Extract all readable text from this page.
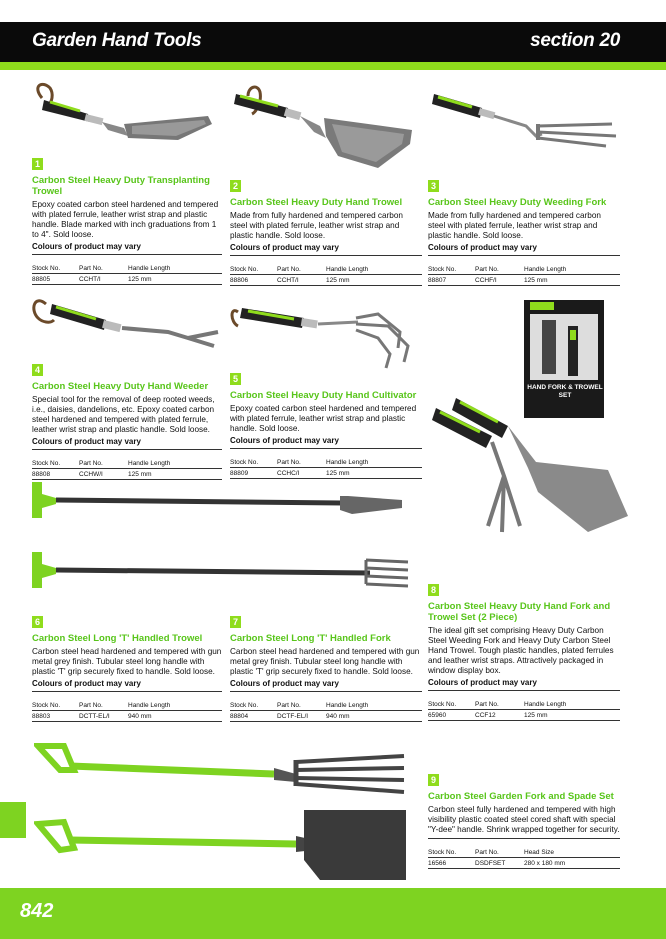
Garden Hand Tools	section 20
1
Carbon Steel Heavy Duty Transplanting Trowel
Epoxy coated carbon steel hardened and tempered with plated ferrule, leather wrist strap and plastic handle. Blade marked with inch graduations from 1 to 4". Sold loose.
Colours of product may vary
Stock No.	Part No.	Handle Length
88805	CCHT/I	125 mm
2
Carbon Steel Heavy Duty Hand Trowel
Made from fully hardened and tempered carbon steel with plated ferrule, leather wrist strap and plastic handle. Sold loose.
Colours of product may vary
Stock No.	Part No.	Handle Length
88806	CCHT/I	125 mm
3
Carbon Steel Heavy Duty Weeding Fork
Made from fully hardened and tempered carbon steel with plated ferrule, leather wrist strap and plastic handle. Sold loose.
Colours of product may vary
Stock No.	Part No.	Handle Length
88807	CCHF/I	125 mm
4
Carbon Steel Heavy Duty Hand Weeder
Special tool for the removal of deep rooted weeds, i.e., daisies, dandelions, etc. Epoxy coated carbon steel hardened and tempered with plated ferrule, leather wrist strap and plastic handle. Sold loose.
Colours of product may vary
Stock No.	Part No.	Handle Length
88808	CCHW/I	125 mm
5
Carbon Steel Heavy Duty Hand Cultivator
Epoxy coated carbon steel hardened and tempered with plated ferrule, leather wrist strap and plastic handle. Sold loose.
Colours of product may vary
Stock No.	Part No.	Handle Length
88809	CCHC/I	125 mm
6
Carbon Steel Long 'T' Handled Trowel
Carbon steel head hardened and tempered with gun metal grey finish. Tubular steel long handle with plastic 'T' grip securely fixed to handle. Sold loose.
Colours of product may vary
Stock No.	Part No.	Handle Length
88803	DCTT-EL/I	940 mm
7
Carbon Steel Long 'T' Handled Fork
Carbon steel head hardened and tempered with gun metal grey finish. Tubular steel long handle with plastic 'T' grip securely fixed to handle. Sold loose.
Colours of product may vary
Stock No.	Part No.	Handle Length
88804	DCTF-EL/I	940 mm
8
Carbon Steel Heavy Duty Hand Fork and Trowel Set (2 Piece)
The ideal gift set comprising Heavy Duty Carbon Steel Weeding Fork and Heavy Duty Carbon Steel Hand Trowel. Tough plastic handles, plated ferrules and leather wrist straps. Attractively packaged in window display box.
Colours of product may vary
Stock No.	Part No.	Handle Length
65960	CCF12	125 mm
9
Carbon Steel Garden Fork and Spade Set
Carbon steel fully hardened and tempered with high visibility plastic coated steel cored shaft with special "Y-dee" handle. Shrink wrapped together for security.
Stock No.	Part No.	Head Size
16566	DSDFSET	280 x 180 mm
HAND FORK & TROWEL SET
842
